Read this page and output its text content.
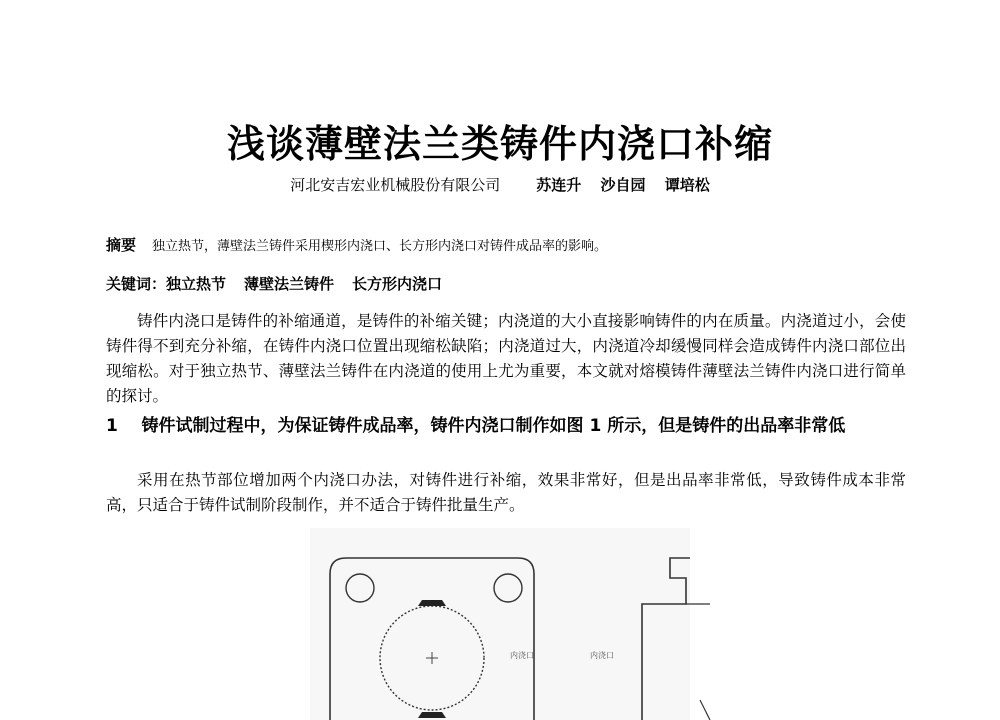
浅谈薄壁法兰类铸件内浇口补缩
河北安吉宏业机械股份有限公司 苏连升 沙自园 谭培松
摘要 独立热节，薄壁法兰铸件采用楔形内浇口、长方形内浇口对铸件成品率的影响。
关键词：独立热节 薄壁法兰铸件 长方形内浇口
铸件内浇口是铸件的补缩通道，是铸件的补缩关键；内浇道的大小直接影响铸件的内在质量。内浇道过小，会使铸件得不到充分补缩，在铸件内浇口位置出现缩松缺陷；内浇道过大，内浇道冷却缓慢同样会造成铸件内浇口部位出现缩松。对于独立热节、薄壁法兰铸件在内浇道的使用上尤为重要，本文就对熔模铸件薄壁法兰铸件内浇口进行简单的探讨。
1 铸件试制过程中，为保证铸件成品率，铸件内浇口制作如图 1 所示，但是铸件的出品率非常低
采用在热节部位增加两个内浇口办法，对铸件进行补缩，效果非常好，但是出品率非常低，导致铸件成本非常高，只适合于铸件试制阶段制作，并不适合于铸件批量生产。
内浇口	内浇口
